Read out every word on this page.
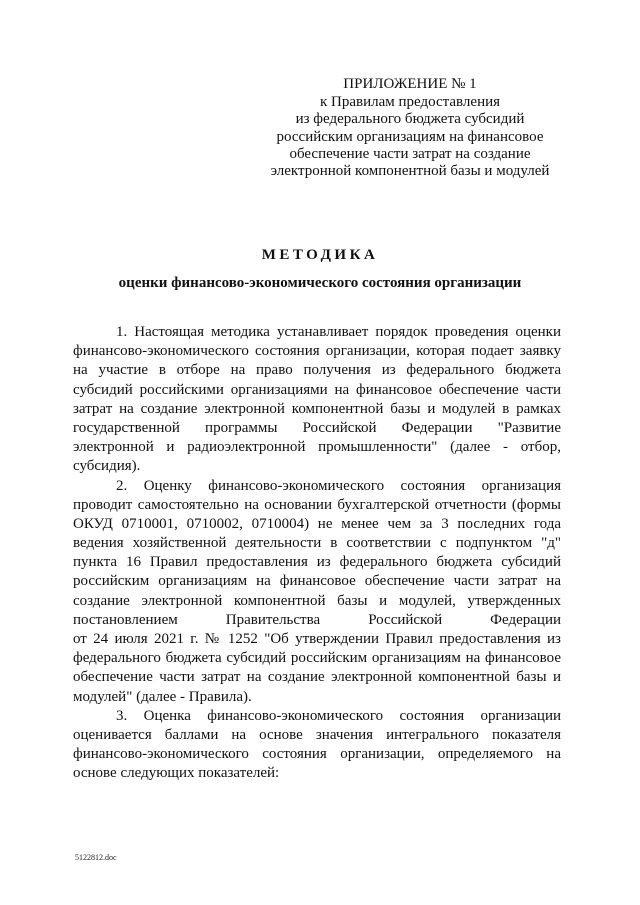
ПРИЛОЖЕНИЕ № 1
к Правилам предоставления
из федерального бюджета субсидий
российским организациям на финансовое
обеспечение части затрат на создание
электронной компонентной базы и модулей
МЕТОДИКА
оценки финансово-экономического состояния организации
1. Настоящая методика устанавливает порядок проведения оценки
финансово-экономического состояния организации, которая подает заявку
на участие в отборе на право получения из федерального бюджета
субсидий российскими организациями на финансовое обеспечение части
затрат на создание электронной компонентной базы и модулей в рамках
государственной программы Российской Федерации "Развитие
электронной и радиоэлектронной промышленности" (далее - отбор,
субсидия).
2. Оценку финансово-экономического состояния организация
проводит самостоятельно на основании бухгалтерской отчетности (формы
ОКУД 0710001, 0710002, 0710004) не менее чем за 3 последних года
ведения хозяйственной деятельности в соответствии с подпунктом "д"
пункта 16 Правил предоставления из федерального бюджета субсидий
российским организациям на финансовое обеспечение части затрат на
создание электронной компонентной базы и модулей, утвержденных
постановлением Правительства Российской Федерации
от 24 июля 2021 г. № 1252 "Об утверждении Правил предоставления из
федерального бюджета субсидий российским организациям на финансовое
обеспечение части затрат на создание электронной компонентной базы и
модулей" (далее - Правила).
3. Оценка финансово-экономического состояния организации
оценивается баллами на основе значения интегрального показателя
финансово-экономического состояния организации, определяемого на
основе следующих показателей:
5122812.doc
